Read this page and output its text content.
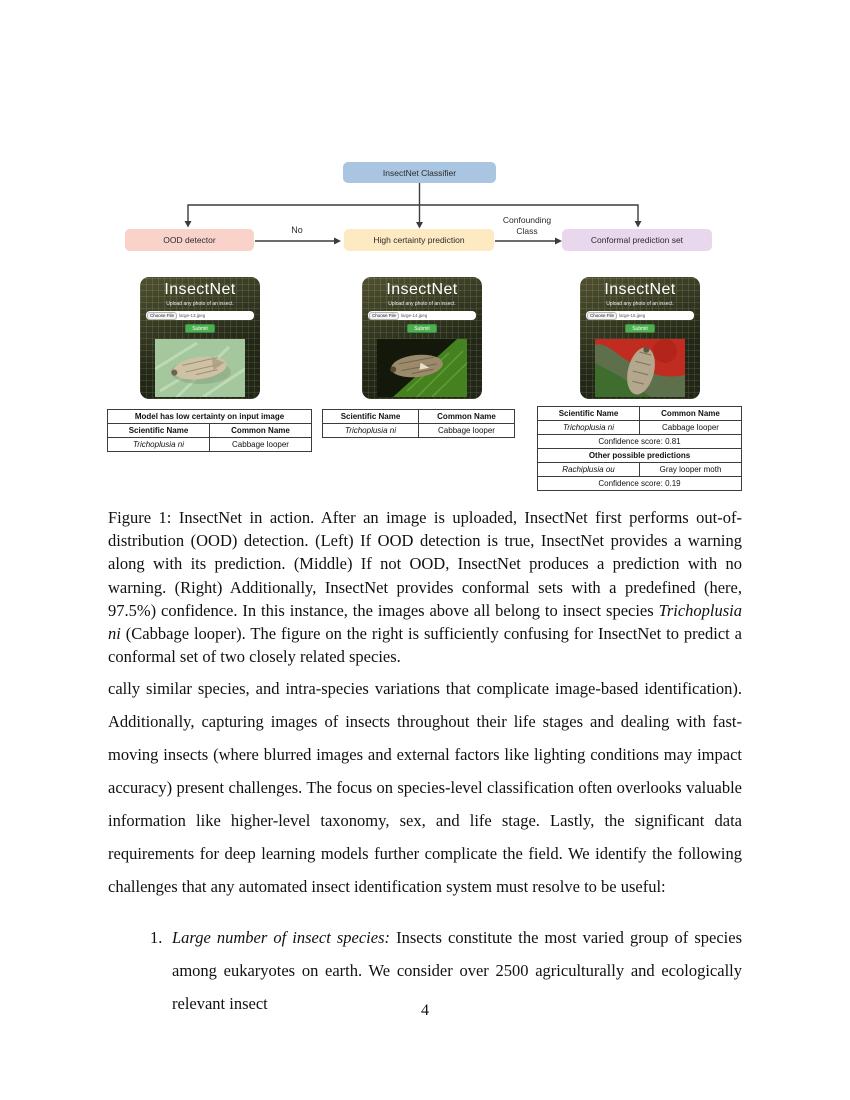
InsectNet Classifier
OOD detector	High certainty prediction	Conformal prediction set
No
Confounding
Class
InsectNet
Upload any photo of an insect.
Choose File	large-13.jpeg
Submit
InsectNet
Upload any photo of an insect.
Choose File	large-14.jpeg
Submit
InsectNet
Upload any photo of an insect.
Choose File	large-15.jpeg
Submit
Model has low certainty on input image	
Scientific Name	Common Name
Trichoplusia ni	Cabbage looper
Scientific Name	Common Name
Trichoplusia ni	Cabbage looper
Scientific Name	Common Name
Trichoplusia ni	Cabbage looper
Confidence score: 0.81	
Other possible predictions	
Rachiplusia ou	Gray looper moth
Confidence score: 0.19	
Figure 1: InsectNet in action. After an image is uploaded, InsectNet first performs out-of-distribution (OOD) detection. (Left) If OOD detection is true, InsectNet provides a warning along with its prediction. (Middle) If not OOD, InsectNet produces a prediction with no warning. (Right) Additionally, InsectNet provides conformal sets with a predefined (here, 97.5%) confidence. In this instance, the images above all belong to insect species Trichoplusia ni (Cabbage looper). The figure on the right is sufficiently confusing for InsectNet to predict a conformal set of two closely related species.
cally similar species, and intra-species variations that complicate image-based identification). Additionally, capturing images of insects throughout their life stages and dealing with fast-moving insects (where blurred images and external factors like lighting conditions may impact accuracy) present challenges. The focus on species-level classification often overlooks valuable information like higher-level taxonomy, sex, and life stage. Lastly, the significant data requirements for deep learning models further complicate the field. We identify the following challenges that any automated insect identification system must resolve to be useful:
1. Large number of insect species: Insects constitute the most varied group of species among eukaryotes on earth. We consider over 2500 agriculturally and ecologically relevant insect	4
